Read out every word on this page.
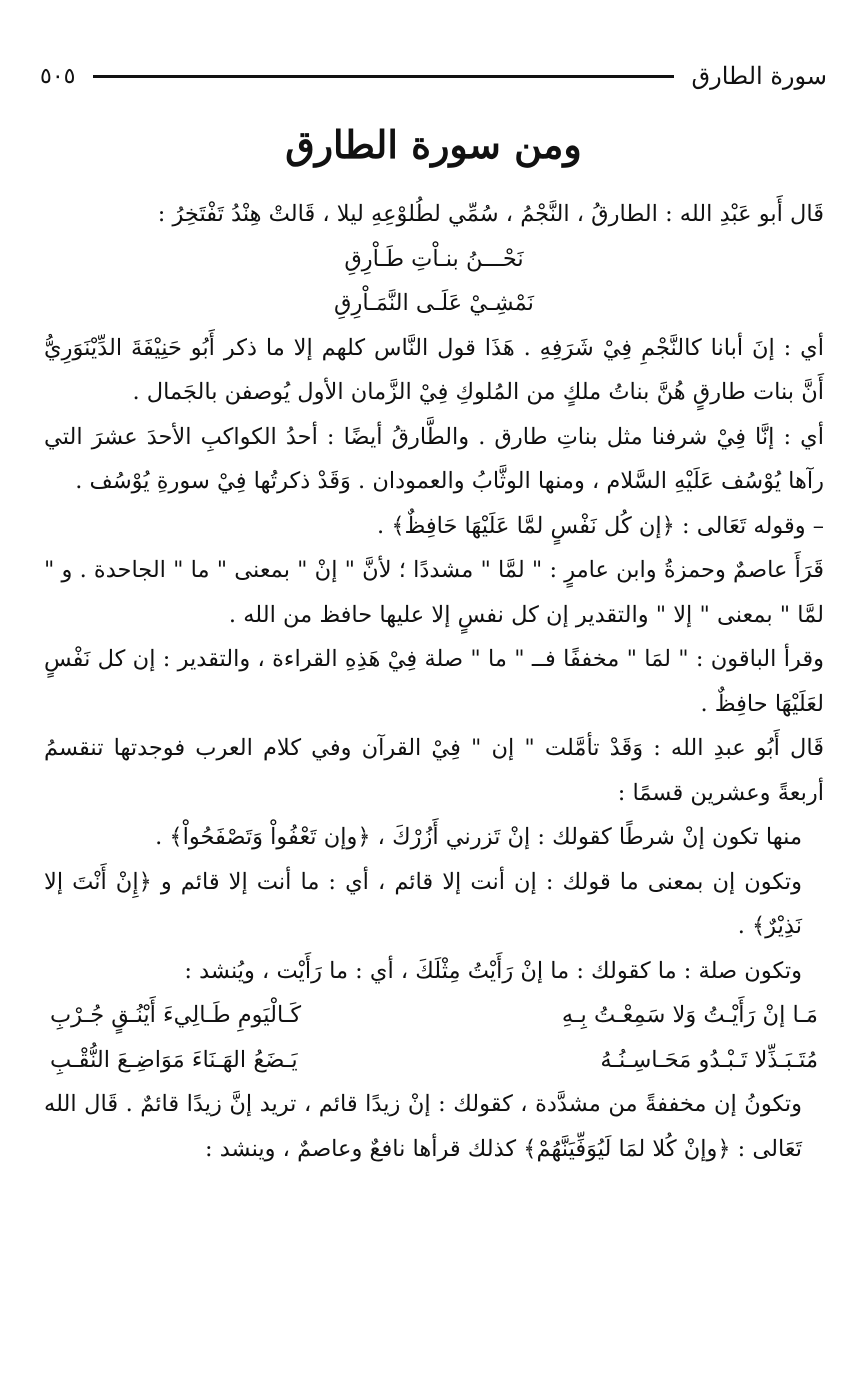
سورة الطارق
٥٠٥
ومن سورة الطارق

قَال أَبو عَبْدِ الله : الطارقُ ، النَّجْمُ ، سُمِّي لطُلوْعِهِ ليلا ، قَالتْ هِنْدُ تَفْتَخِرُ :

نَحْـــنُ بنـاْتِ طَـاْرِقِ

نَمْشِـيْ عَلَـى النَّمَـاْرِقِ

أي : إنَ أبانا كالنَّجْمِ فِيْ شَرَفِهِ . هَذَا قول النَّاس كلهم إلا ما ذكر أَبُو حَنِيْفَةَ الدِّيْنَوَرِيُّ أَنَّ بنات طارقٍ هُنَّ بناتُ ملكٍ من المُلوكِ فِيْ الزَّمان الأول يُوصفن بالجَمال .

أي : إنَّا فِيْ شرفنا مثل بناتِ طارق . والطَّارقُ أيضًا : أحدُ الكواكبِ الأحدَ عشرَ التي رآها يُوْسُف عَلَيْهِ السَّلام ، ومنها الوثَّابُ والعمودان . وَقَدْ ذكرتُها فِيْ سورةِ يُوْسُف .

– وقوله تَعَالى : ﴿إن كُل نَفْسٍ لمَّا عَلَيْهَا حَافِظٌ﴾ .

قَرَأَ عاصمٌ وحمزةُ وابن عامرٍ : " لمَّا " مشددًا ؛ لأنَّ " إنْ " بمعنى " ما " الجاحدة . و " لمَّا " بمعنى " إلا " والتقدير إن كل نفسٍ إلا عليها حافظ من الله .

وقرأ الباقون : " لمَا " مخففًا فــ " ما " صلة فِيْ هَذِهِ القراءة ، والتقدير : إن كل نَفْسٍ لعَلَيْهَا حافِظٌ .

قَال أَبُو عبدِ الله : وَقَدْ تأمَّلت " إن " فِيْ القرآن وفي كلام العرب فوجدتها تنقسمُ أربعةً وعشرين قسمًا :

منها تكون إنْ شرطًا كقولك : إنْ تَزرني أَزُرْكَ ، ﴿وإن تَعْفُواْ وَتَصْفَحُواْ﴾ .

وتكون إن بمعنى ما قولك : إن أنت إلا قائم ، أي : ما أنت إلا قائم و ﴿إِنْ أَنْتَ إلا نَذِيْرٌ﴾ .

وتكون صلة : ما كقولك : ما إنْ رَأَيْتُ مِثْلَكَ ، أي : ما رَأَيْت ، ويُنشد :

مَـا إنْ رَأَيْـتُ وَلا سَمِعْـتُ بِـهِ
كَـالْيَومِ طَـالِيءَ أَيْنُـقٍ جُـرْبِ
مُتَـبَـذِّلا تَـبْـدُو مَحَـاسِـنُـهُ
يَـضَعُ الهَـنَاءَ مَوَاضِـعَ النُّقْـبِ

وتكونُ إن مخففةً من مشدَّدة ، كقولك : إنْ زيدًا قائم ، تريد إنَّ زيدًا قائمٌ . قَال الله تَعَالى : ﴿وإنْ كُلا لمَا لَيُوَفِّيَنَّهُمْ﴾ كذلك قرأها نافعٌ وعاصمٌ ، وينشد :
